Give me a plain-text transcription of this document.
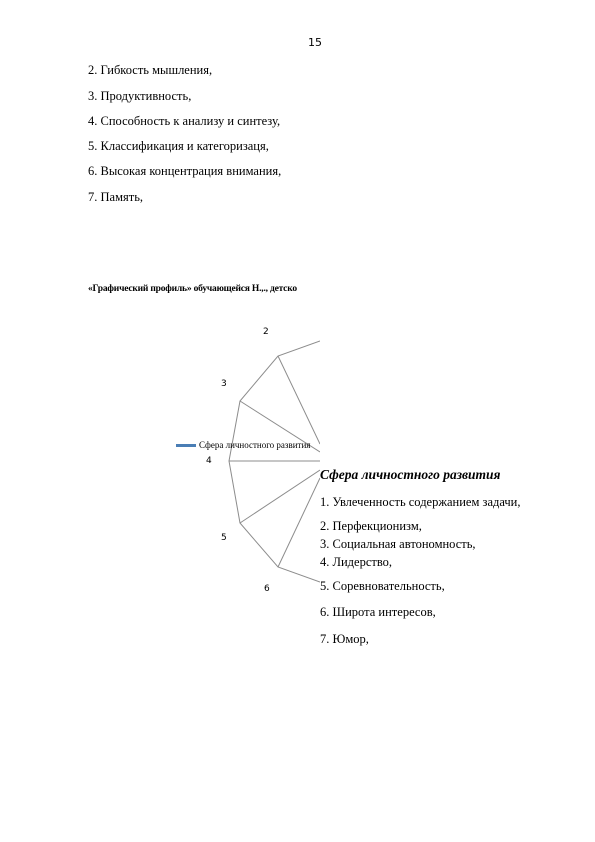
15
2. Гибкость мышления,
3. Продуктивность,
4. Способность к анализу и синтезу,
5. Классификация и категоризаця,
6. Высокая концентрация внимания,
7. Память,
«Графический профиль» обучающейся Н.,., детско
2
3
4
5
6
Сфера личностного развития
Сфера личностного развития
1. Увлеченность содержанием задачи,
2. Перфекционизм,
3. Социальная автономность,
4. Лидерство,
5. Соревновательность,
6. Широта интересов,
7. Юмор,
